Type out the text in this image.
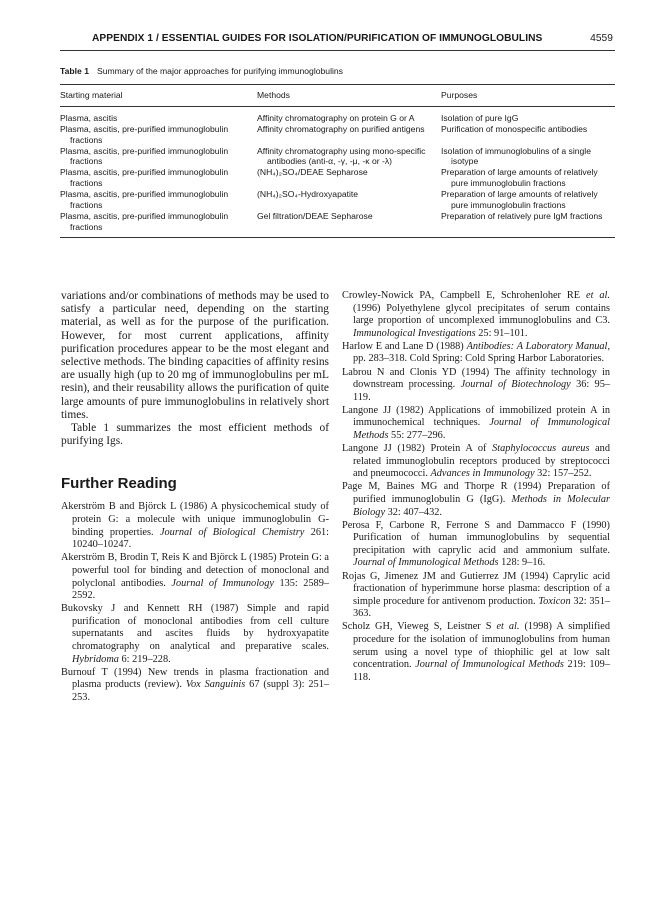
APPENDIX 1 / ESSENTIAL GUIDES FOR ISOLATION/PURIFICATION OF IMMUNOGLOBULINS	4559
Table 1 Summary of the major approaches for purifying immunoglobulins
Starting material	Methods	Purposes

Plasma, ascitis	Affinity chromatography on protein G or A	Isolation of pure IgG

Plasma, ascitis, pre-purified immunoglobulin fractions	Affinity chromatography on purified antigens	Purification of monospecific antibodies

Plasma, ascitis, pre-purified immunoglobulin fractions	Affinity chromatography using mono-specific antibodies (anti-α, -γ, -μ, -κ or -λ)	Isolation of immunoglobulins of a single isotype

Plasma, ascitis, pre-purified immunoglobulin fractions	(NH₄)₂SO₄/DEAE Sepharose	Preparation of large amounts of relatively pure immunoglobulin fractions

Plasma, ascitis, pre-purified immunoglobulin fractions	(NH₄)₂SO₄-Hydroxyapatite	Preparation of large amounts of relatively pure immunoglobulin fractions

Plasma, ascitis, pre-purified immunoglobulin fractions	Gel filtration/DEAE Sepharose	Preparation of relatively pure IgM fractions

variations and/or combinations of methods may be used to satisfy a particular need, depending on the starting material, as well as for the purpose of the purification. However, for most current applications, affinity purification procedures appear to be the most elegant and selective methods. The binding capacities of affinity resins are usually high (up to 20 mg of immunoglobulins per mL resin), and their reusability allows the purification of quite large amounts of pure immunoglobulins in relatively short times.

Table 1 summarizes the most efficient methods of purifying Igs.

Further Reading

Akerström B and Björck L (1986) A physicochemical study of protein G: a molecule with unique immunoglobulin G-binding properties. Journal of Biological Chemistry 261: 10240–10247.

Akerström B, Brodin T, Reis K and Björck L (1985) Protein G: a powerful tool for binding and detection of monoclonal and polyclonal antibodies. Journal of Immunology 135: 2589–2592.

Bukovsky J and Kennett RH (1987) Simple and rapid purification of monoclonal antibodies from cell culture supernatants and ascites fluids by hydroxyapatite chromatography on analytical and preparative scales. Hybridoma 6: 219–228.

Burnouf T (1994) New trends in plasma fractionation and plasma products (review). Vox Sanguinis 67 (suppl 3): 251–253.

Crowley-Nowick PA, Campbell E, Schrohenloher RE et al. (1996) Polyethylene glycol precipitates of serum contains large proportion of uncomplexed immunoglobulins and C3. Immunological Investigations 25: 91–101.

Harlow E and Lane D (1988) Antibodies: A Laboratory Manual, pp. 283–318. Cold Spring: Cold Spring Harbor Laboratories.

Labrou N and Clonis YD (1994) The affinity technology in downstream processing. Journal of Biotechnology 36: 95–119.

Langone JJ (1982) Applications of immobilized protein A in immunochemical techniques. Journal of Immunological Methods 55: 277–296.

Langone JJ (1982) Protein A of Staphylococcus aureus and related immunoglobulin receptors produced by streptococci and pneumococci. Advances in Immunology 32: 157–252.

Page M, Baines MG and Thorpe R (1994) Preparation of purified immunoglobulin G (IgG). Methods in Molecular Biology 32: 407–432.

Perosa F, Carbone R, Ferrone S and Dammacco F (1990) Purification of human immunoglobulins by sequential precipitation with caprylic acid and ammonium sulfate. Journal of Immunological Methods 128: 9–16.

Rojas G, Jimenez JM and Gutierrez JM (1994) Caprylic acid fractionation of hyperimmune horse plasma: description of a simple procedure for antivenom production. Toxicon 32: 351–363.

Scholz GH, Vieweg S, Leistner S et al. (1998) A simplified procedure for the isolation of immunoglobulins from human serum using a novel type of thiophilic gel at low salt concentration. Journal of Immunological Methods 219: 109–118.
